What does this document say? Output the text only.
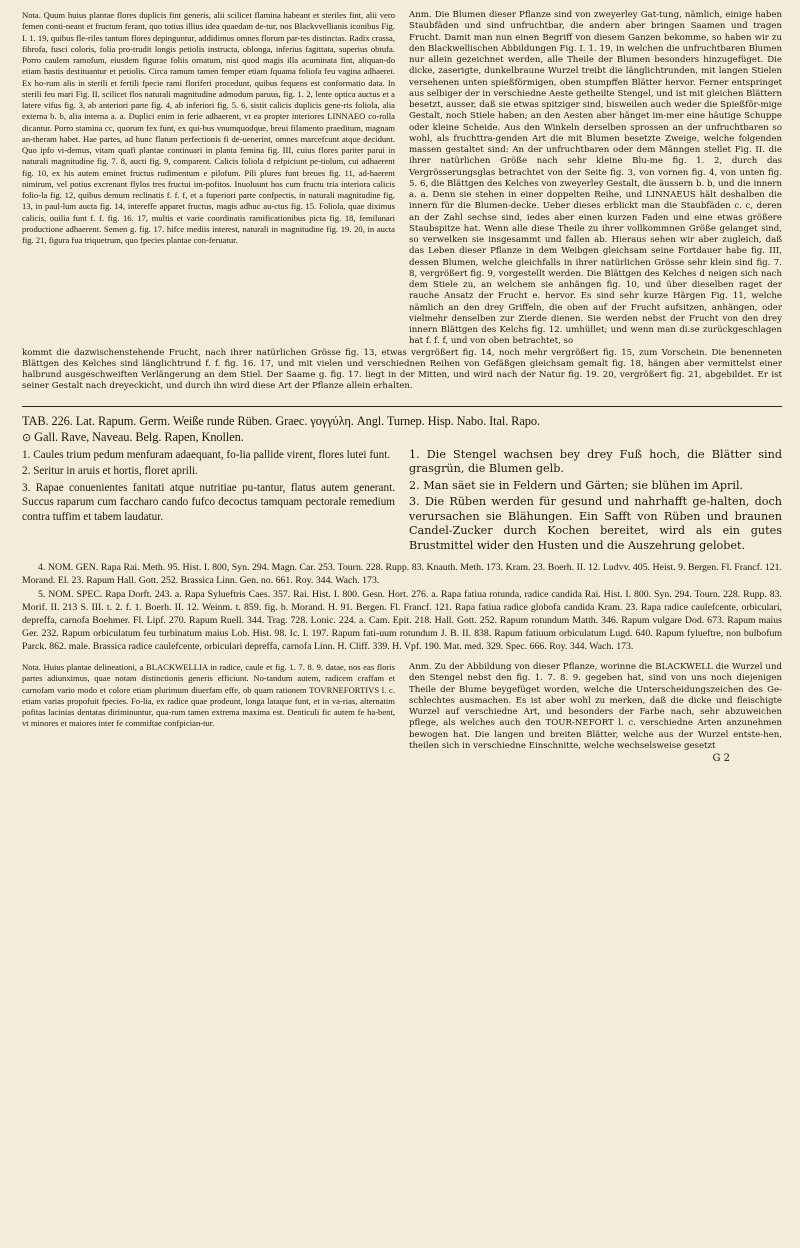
Nota. Quum huius plantae flores duplicis fint generis, alii scilicet flamina habeant et steriles fint, alii vero femen conti-neant et fructum ferant, quo totius illius idea quaedam de-tur, nos Blackvvellianis iconibus Fig. I. 1. 19, quibus fle-riles tantum flores depinguntur, addidimus omnes florum par-tes distinctas. Radix crassa, fibrofa, fusci coloris, folia pro-trudit longis petiolis instructa, oblonga, inferius fagittata, superius obtufa. Porro caulem ramofum, eiusdem figurae foliis ornatum, nisi quod magis illa acuminata fint, aliquan-do etiam hastis destituantur et petiolis. Circa ramum tamen femper etiam fquama foliofa feu vagina adhaeret. Ex ho-rum alis in sterili et fertili fpecie rami floriferi procedunt, quibus fequens est conformatio data. In sterili feu mari Fig. II. scilicet flos naturali magnitudine admodum paruus, fig. 1. 2, lente optica auctus et a latere vifus fig. 3, ab anteriori parte fig. 4, ab inferiori fig. 5. 6, sistit calicis duplicis gene-ris foliola, alia externa b. b, alia interna a. a. Duplici enim in ferie adhaerent, vt ea propter interiores LINNAEO co-rolla dicantur. Porro stamina cc, quorum fex funt, ex qui-bus vnumquodque, breui filamento praeditum, magnam an-theram habet. Hae partes, ad hunc flatum perfectionis fi de-uenerint, omnes marcefcunt atque decidunt. Quo ipfo vi-demus, vitam quafi plantae continuari in planta femina fig. III, cuius flores pariter parui in naturali magnitudine fig. 7. 8, aucti fig. 9, comparent. Calicis foliola d refpiciunt pe-tiolum, cui adhaerent fig. 10, ex his autem eminet fructus rudimentum e pilofum. Pili plures funt breues fig. 11, ad-haerent nimirum, vel potius excrenant flylos tres fructui im-pofitos. Inuoluunt hos cum fructu tria interiora calicis folio-la fig. 12, quibus demum reclinatis f. f. f, et a fuperiori parte confpectis, in naturali magnitudine fig. 13, in paul-lum aucta fig. 14, intereffe apparet fructus, magis adhuc au-ctus fig. 15. Foliola, quae diximus calicis, ouilia funt f. f. fig. 16. 17, multis et varie coordinatis ramificationibus picta fig. 18, femilunari productione adhaerent. Semen g. fig. 17. hifce mediis interest, naturali in magnitudine fig. 19. 20, in aucta fig. 21, figura fua triquetrum, quo fpecies plantae con-feruatur.

Anm. Die Blumen dieser Pflanze sind von zweyerley Gat-tung, nämlich, einige haben Staubfäden und sind unfruchtbar, die andern aber bringen Saamen und tragen Frucht. Damit man nun einen Begriff von diesem Ganzen bekomme, so haben wir zu den Blackwellischen Abbildungen Fig. I. 1. 19, in welchen die unfruchtbaren Blumen nur allein gezeichnet werden, alle Theile der Blumen besonders hinzugefüget. Die dicke, zaserigte, dunkelbraune Wurzel treibt die länglichtrunden, mit langen Stielen versehenen unten spießförmigen, oben stumpffen Blätter hervor. Ferner entspringet aus selbiger der in verschiedne Aeste getheilte Stengel, und ist mit gleichen Blättern besetzt, ausser, daß sie etwas spitziger sind, bisweilen auch weder die Spießför-mige Gestalt, noch Stiele haben; an den Aesten aber hänget im-mer eine häutige Schuppe oder kleine Scheide. Aus den Winkeln derselben sprossen an der unfruchtbaren so wohl, als fruchttra-genden Art die mit Blumen besetzte Zweige, welche folgenden massen gestaltet sind: An der unfruchtbaren oder dem Männgen stellet Fig. II. die ihrer natürlichen Größe nach sehr kleine Blu-me fig. 1. 2, durch das Vergrösserungsglas betrachtet von der Seite fig. 3, von vornen fig. 4, von unten fig. 5. 6, die Blättgen des Kelches von zweyerley Gestalt, die äussern b. b, und die innern a. a. Denn sie stehen in einer doppelten Reihe, und LINNAEUS hält deshalben die innern für die Blumen-decke. Ueber dieses erblickt man die Staubfäden c. c, deren an der Zahl sechse sind, iedes aber einen kurzen Faden und eine etwas größere Staubspitze hat. Wenn alle diese Theile zu ihrer vollkommnen Größe gelanget sind, so verwelken sie insgesammt und fallen ab. Hieraus sehen wir aber zugleich, daß das Leben dieser Pflanze in dem Weibgen gleichsam seine Fortdauer habe fig. III, dessen Blumen, welche gleichfalls in ihrer natürlichen Grösse sehr klein sind fig. 7. 8, vergrößert fig. 9, vorgestellt werden. Die Blättgen des Kelches d neigen sich nach dem Stiele zu, an welchem sie anhängen fig. 10, und über dieselben raget der rauche Ansatz der Frucht e. hervor. Es sind sehr kurze Härgen Fig. 11, welche nämlich an den drey Griffeln, die oben auf der Frucht aufsitzen, anhängen, oder vielmehr denselben zur Zierde dienen. Sie werden nebst der Frucht von den drey innern Blättgen des Kelchs fig. 12. umhüllet; und wenn man di.se zurückgeschlagen hat f. f. f, und von oben betrachtet, so

kommt die dazwischenstehende Frucht, nach ihrer natürlichen Grösse fig. 13, etwas vergrößert fig. 14, noch mehr vergrößert fig. 15, zum Vorschein. Die benenneten Blättgen des Kelches sind länglichtrund f. f. fig. 16. 17, und mit vielen und verschiednen Reihen von Gefäßgen gleichsam gemalt fig. 18, hängen aber vermittelst einer halbrund ausgeschweiften Verlängerung an dem Stiel. Der Saame g. fig. 17. liegt in der Mitten, und wird nach der Natur fig. 19. 20, vergrößert fig. 21, abgebildet. Er ist seiner Gestalt nach dreyeckicht, und durch ihn wird diese Art der Pflanze allein erhalten.

TAB. 226. Lat. Rapum. Germ. Weiße runde Rüben. Graec. γογγύλη. Angl. Turnep. Hisp. Nabo. Ital. Rapo.
⊙ Gall. Rave, Naveau. Belg. Rapen, Knollen.

1. Caules trium pedum menfuram adaequant, fo-lia pallide virent, flores lutei funt.

2. Seritur in aruis et hortis, floret aprili.

3. Rapae conuenientes fanitati atque nutritiae pu-tantur, flatus autem generant. Succus raparum cum faccharo cando fufco decoctus tamquam pectorale remedium contra tuffim et tabem laudatur.

1. Die Stengel wachsen bey drey Fuß hoch, die Blätter sind grasgrün, die Blumen gelb.

2. Man säet sie in Feldern und Gärten; sie blühen im April.

3. Die Rüben werden für gesund und nahrhafft ge-halten, doch verursachen sie Blähungen. Ein Safft von Rüben und braunen Candel-Zucker durch Kochen bereitet, wird als ein gutes Brustmittel wider den Husten und die Auszehrung gelobet.

4. NOM. GEN. Rapa Rai. Meth. 95. Hist. I. 800, Syn. 294. Magn. Car. 253. Tourn. 228. Rupp. 83. Knauth. Meth. 173. Kram. 23. Boerh. II. 12. Ludvv. 405. Heist. 9. Bergen. Fl. Francf. 121. Morand. El. 23. Rapum Hall. Gott. 252. Brassica Linn. Gen. no. 661. Roy. 344. Wach. 173.

5. NOM. SPEC. Rapa Dorft. 243. a. Rapa Sylueftris Caes. 357. Rai. Hist. I. 800. Gesn. Hort. 276. a. Rapa fatiua rotunda, radice candida Rai. Hist. I. 800. Syn. 294. Tourn. 228. Rupp. 83. Morif. II. 213 S. III. t. 2. f. 1. Boerh. II. 12. Weinm. t. 859. fig. b. Morand. H. 91. Bergen. Fl. Francf. 121. Rapa fatiua radice globofa candida Kram. 23. Rapa radice caulefcente, orbiculari, depreffa, carnofa Boehmer. Fl. Lipf. 270. Rapum Ruell. 344. Trag. 728. Lonic. 224. a. Cam. Epit. 218. Hall. Gott. 252. Rapum rotundum Matth. 346. Rapum vulgare Dod. 673. Rapum maius Ger. 232. Rapum orbiculatum feu turbinatum maius Lob. Hist. 98. Ic. I. 197. Rapum fati-uum rotundum J. B. II. 838. Rapum fatiuum orbiculatum Lugd. 640. Rapum fylueftre, non bulbofum Parck. 862. male. Brassica radice caulefcente, orbiculari depreffa, carnofa Linn. H. Cliff. 339. H. Vpf. 190. Mat. med. 329. Spec. 666. Roy. 344. Wach. 173.

Nota. Huius plantae delineationi, a BLACKWELLIA in radice, caule et fig. 1. 7. 8. 9. datae, nos eas floris partes adiunximus, quae notam distinctionis generis efficiunt. No-tandum autem, radicem craffam et carnofam vario modo et colore etiam plurimum diuerfam effe, ob quam rationem TOVRNEFORTIVS l. c. etiam varias propofuit fpecies. Fo-lia, ex radice quae prodeunt, longa lataque funt, et in va-rias, alternatim pofitas lacinias dentatas diriminuntur, qua-rum tamen extrema maxima est. Denticuli fic autem fe ha-bent, vt minores et maiores inter fe commiftae confpician-tur.

Anm. Zu der Abbildung von dieser Pflanze, worinne die BLACKWELL die Wurzel und den Stengel nebst den fig. 1. 7. 8. 9. gegeben hat, sind von uns noch diejenigen Theile der Blume beygefüget worden, welche die Unterscheidungszeichen des Ge-schlechtes ausmachen. Es ist aber wohl zu merken, daß die dicke und fleischigte Wurzel auf verschiedne Art, und besonders der Farbe nach, sehr abzuweichen pflege, als welches auch den TOUR-NEFORT l. c. verschiedne Arten anzunehmen bewogen hat. Die langen und breiten Blätter, welche aus der Wurzel entste-hen, theilen sich in verschiedne Einschnitte, welche wechselsweise gesetzt

G 2
